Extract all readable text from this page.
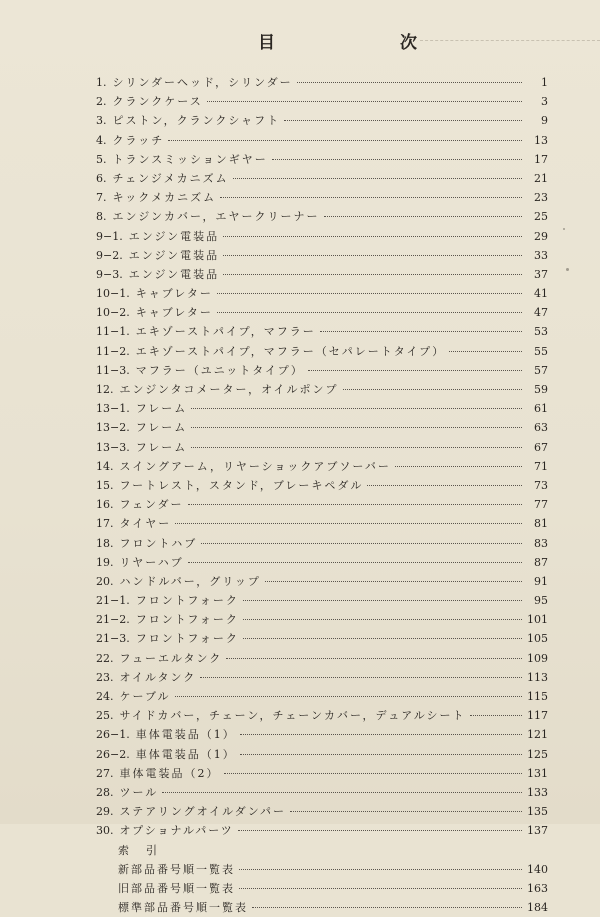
目	次
1. シリンダーヘッド，シリンダー	1
2. クランクケース	3
3. ピストン，クランクシャフト	9
4. クラッチ	13
5. トランスミッションギヤー	17
6. チェンジメカニズム	21
7. キックメカニズム	23
8. エンジンカバー，エヤークリーナー	25
9−1. エンジン電装品	29
9−2. エンジン電装品	33
9−3. エンジン電装品	37
10−1. キャブレター	41
10−2. キャブレター	47
11−1. エキゾーストパイプ，マフラー	53
11−2. エキゾーストパイプ，マフラー（セパレートタイプ）	55
11−3. マフラー（ユニットタイプ）	57
12. エンジンタコメーター，オイルポンプ	59
13−1. フレーム	61
13−2. フレーム	63
13−3. フレーム	67
14. スイングアーム，リヤーショックアブソーバー	71
15. フートレスト，スタンド，ブレーキペダル	73
16. フェンダー	77
17. タイヤー	81
18. フロントハブ	83
19. リヤーハブ	87
20. ハンドルバー，グリップ	91
21−1. フロントフォーク	95
21−2. フロントフォーク	101
21−3. フロントフォーク	105
22. フューエルタンク	109
23. オイルタンク	113
24. ケーブル	115
25. サイドカバー，チェーン，チェーンカバー，デュアルシート	117
26−1. 車体電装品（1）	121
26−2. 車体電装品（1）	125
27. 車体電装品（2）	131
28. ツール	133
29. ステアリングオイルダンパー	135
30. オプショナルパーツ	137
索　引
新部品番号順一覧表	140
旧部品番号順一覧表	163
標準部品番号順一覧表	184
